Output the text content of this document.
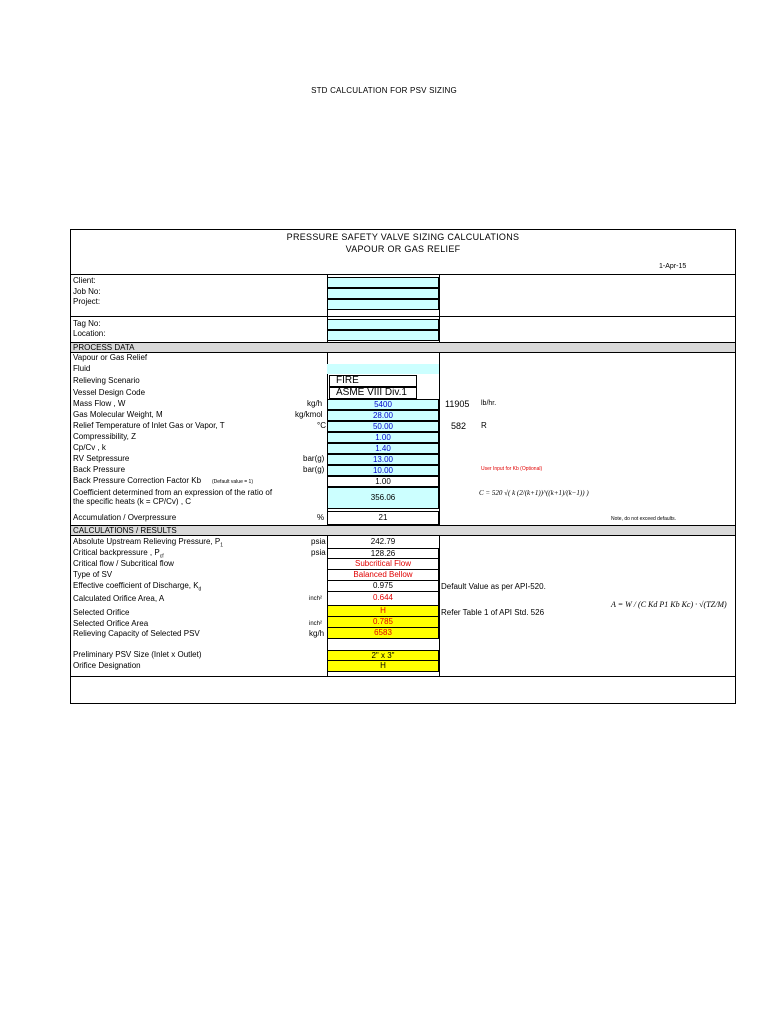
STD CALCULATION FOR PSV SIZING
PRESSURE SAFETY VALVE SIZING CALCULATIONS
VAPOUR OR GAS RELIEF
1-Apr-15
Client:
Job No:
Project:
Tag No:
Location:
PROCESS DATA
Vapour or Gas Relief
Fluid
Relieving Scenario	FIRE
Vessel Design Code	ASME VIII Div.1
Mass Flow , W	kg/h	5400	11905 lb/hr.
Gas Molecular Weight, M	kg/kmol	28.00
Relief Temperature of Inlet Gas or Vapor, T	°C	50.00	582 R
Compressibility, Z	1.00
Cp/Cv , k	1.40
RV Setpressure	bar(g)	13.00
Back Pressure	bar(g)	10.00	User Input for Kb (Optional)
Back Pressure Correction Factor Kb (Default value = 1)	1.00
Coefficient determined from an expression of the ratio of
the specific heats (k = CP/Cv) , C	356.06	C = 520 √( k (2/(k+1))^((k+1)/(k−1)) )
Accumulation / Overpressure	%	21	Note, do not exceed defaults.
CALCULATIONS / RESULTS
Absolute Upstream Relieving Pressure, $P_1$	psia	242.79
Critical backpressure , $P_{cf}$	psia	128.26
Critical flow / Subcritical flow	Subcritical Flow
Type of SV	Balanced Bellow
Effective coefficient of Discharge, $K_d$	0.975	Default Value as per API-520.
Calculated Orifice Area, A	inch²	0.644
Selected Orifice	H	Refer Table 1 of API Std. 526
Selected Orifice Area	inch²	0.785
Relieving Capacity of Selected PSV	kg/h	6583
A = W / (C Kd P1 Kb Kc) · √(TZ/M)
Preliminary PSV Size (Inlet x Outlet)	2" x 3"
Orifice Designation	H
